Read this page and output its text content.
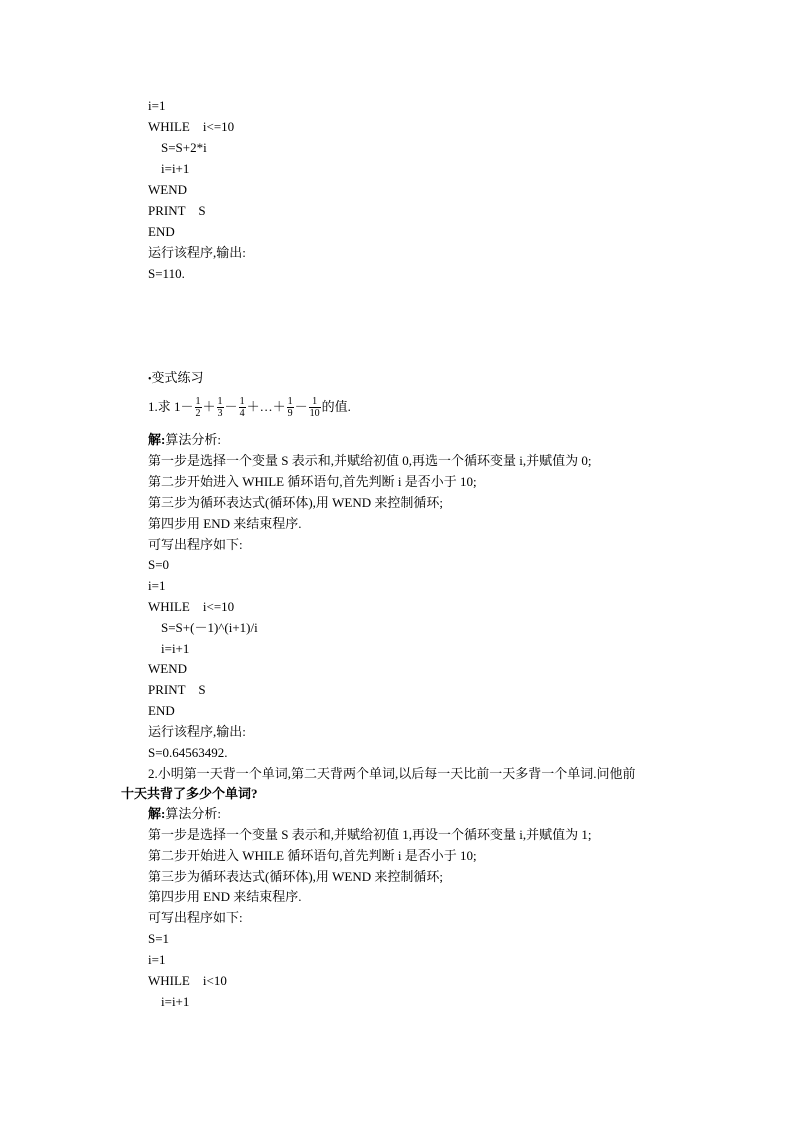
i=1
WHILE    i<=10
S=S+2*i
i=i+1
WEND
PRINT    S
END
运行该程序,输出:
S=110.
•变式练习
1.求 $1- \frac{1}{2} + \frac{1}{3} - \frac{1}{4}$ ＋…＋ $\frac{1}{9} - \frac{1}{10}$ 的值.
解:算法分析:
第一步是选择一个变量 S 表示和,并赋给初值 0,再选一个循环变量 i,并赋值为 0;
第二步开始进入 WHILE 循环语句,首先判断 i 是否小于 10;
第三步为循环表达式(循环体),用 WEND 来控制循环;
第四步用 END 来结束程序.
可写出程序如下:
S=0
i=1
WHILE    i<=10
S=S+(－1)^(i+1)/i
i=i+1
WEND
PRINT    S
END
运行该程序,输出:
S=0.64563492.
2.小明第一天背一个单词,第二天背两个单词,以后每一天比前一天多背一个单词.问他前
十天共背了多少个单词?
解:算法分析:
第一步是选择一个变量 S 表示和,并赋给初值 1,再设一个循环变量 i,并赋值为 1;
第二步开始进入 WHILE 循环语句,首先判断 i 是否小于 10;
第三步为循环表达式(循环体),用 WEND 来控制循环;
第四步用 END 来结束程序.
可写出程序如下:
S=1
i=1
WHILE    i<10
i=i+1
